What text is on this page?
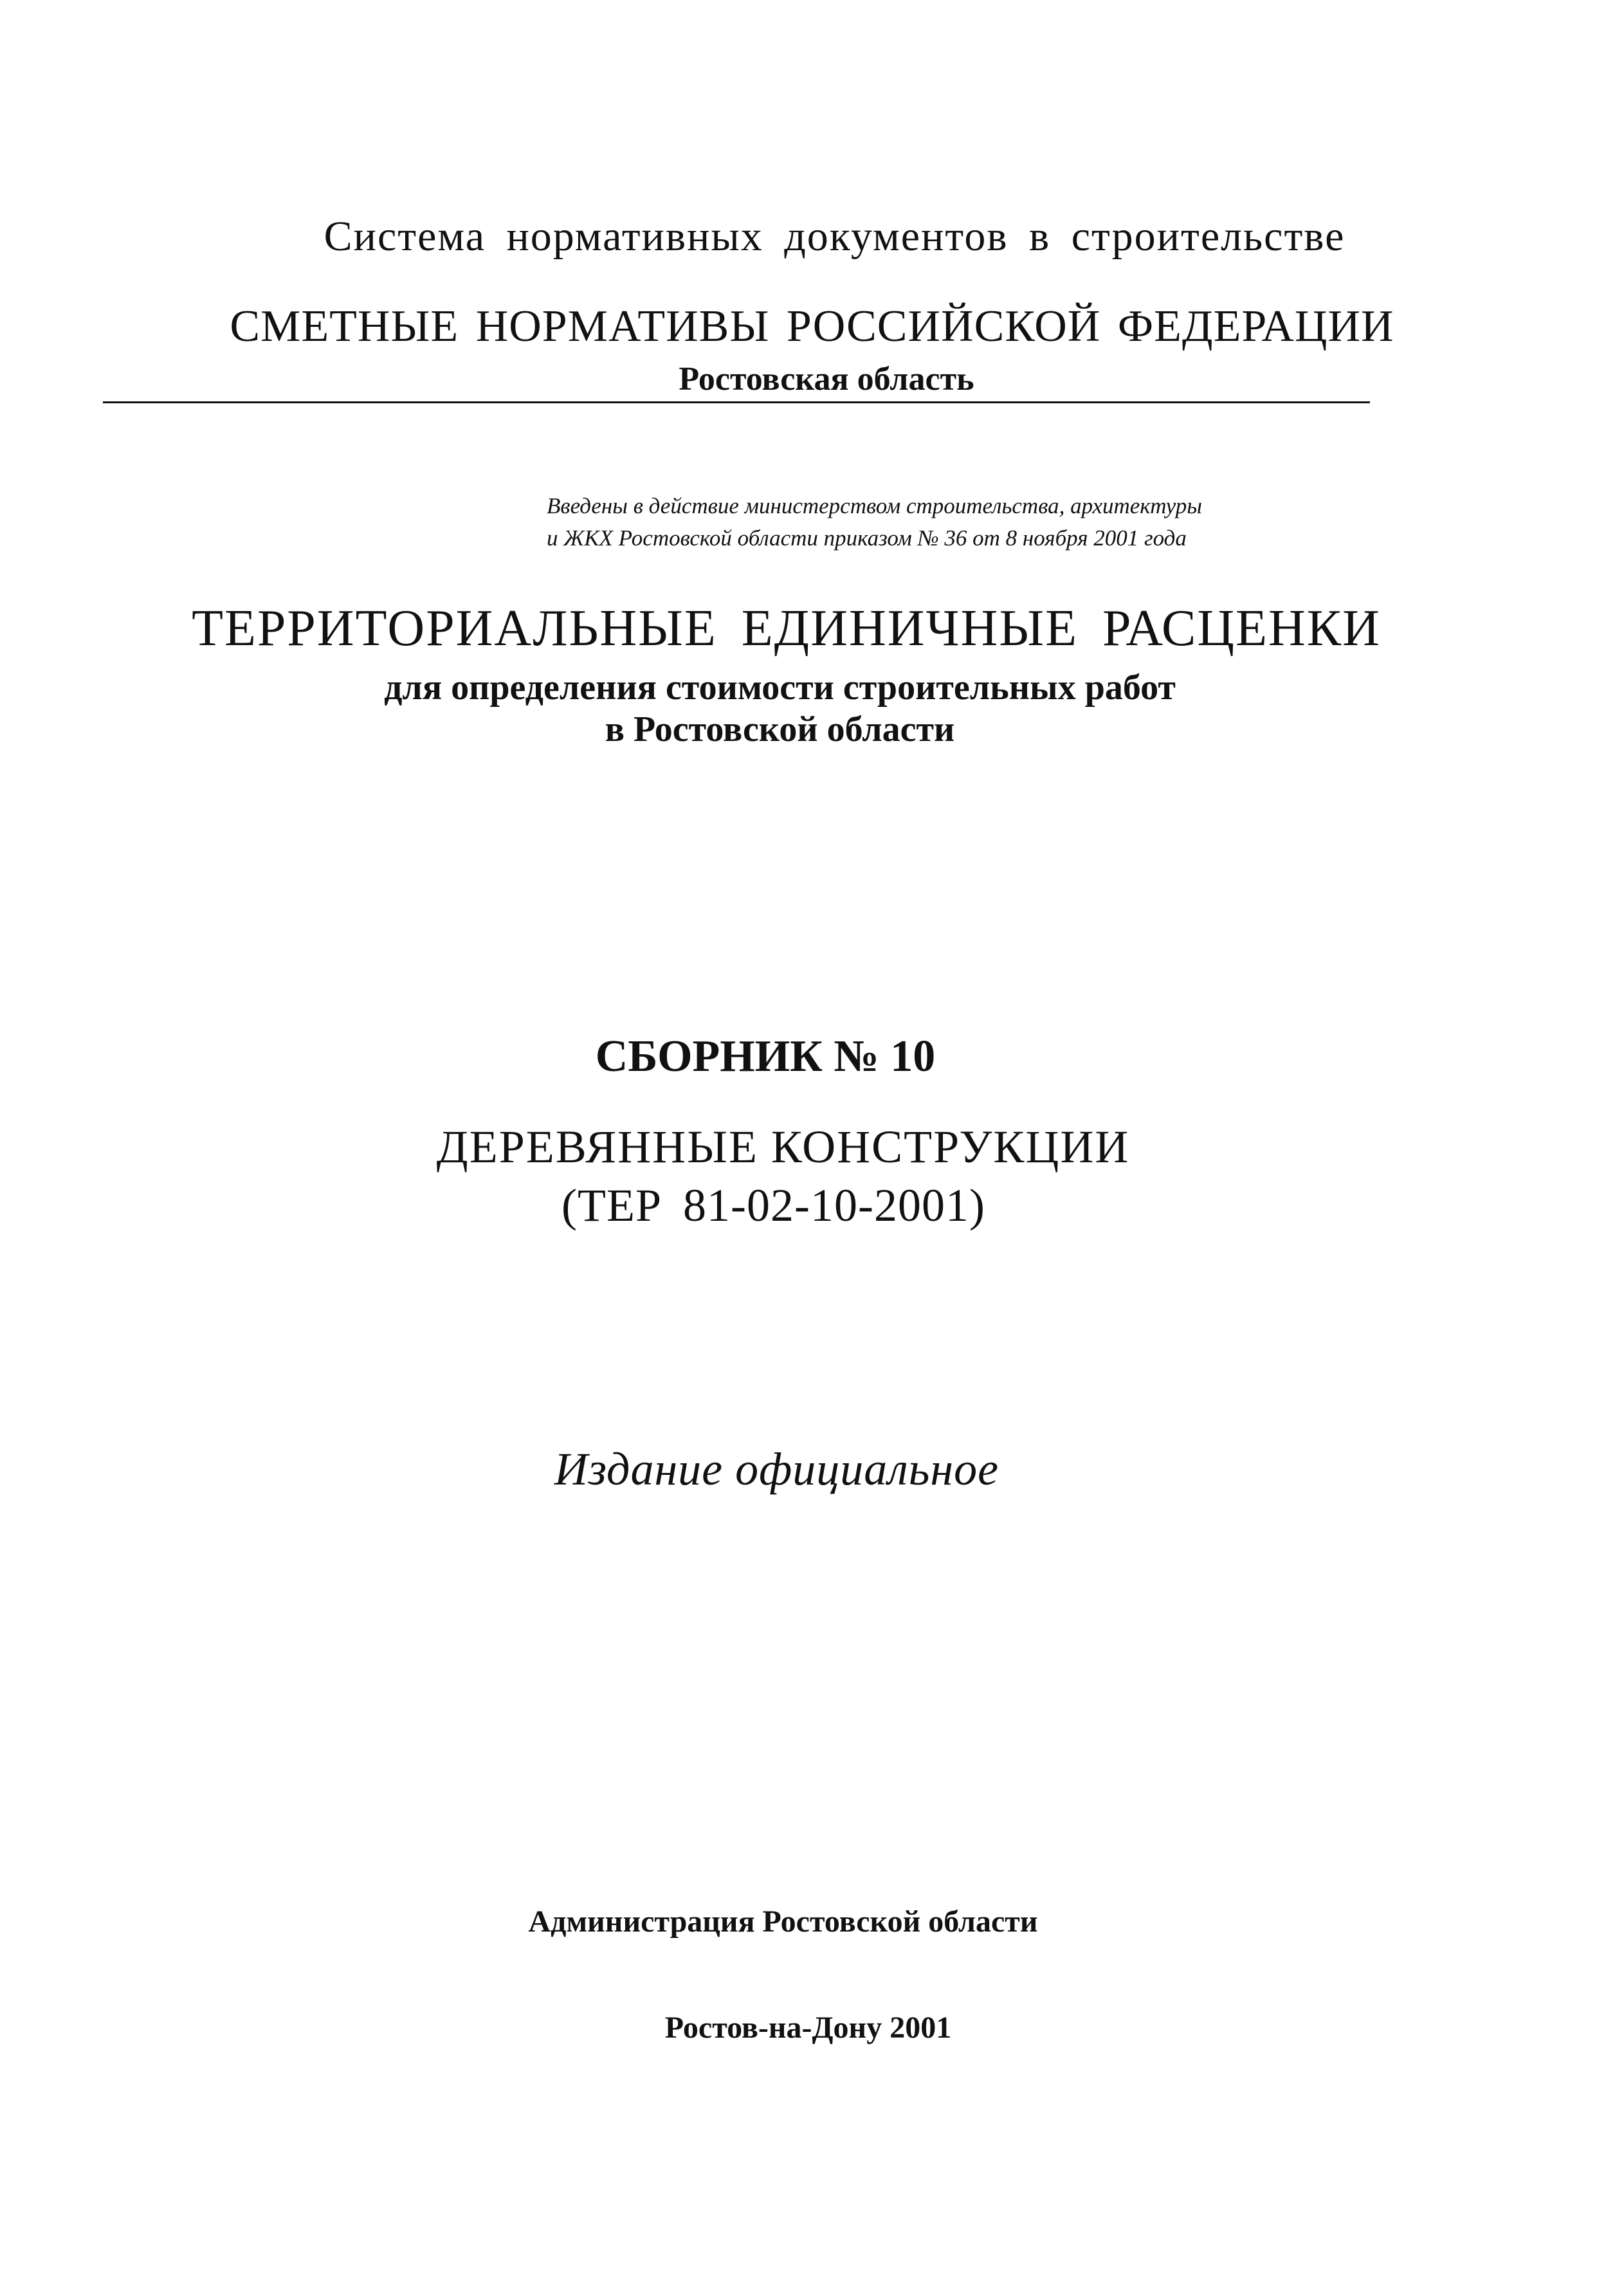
Система нормативных документов в строительстве

СМЕТНЫЕ НОРМАТИВЫ РОССИЙСКОЙ ФЕДЕРАЦИИ

Ростовская область

Введены в действие министерством строительства, архитектуры

и ЖКХ Ростовской области приказом № 36 от 8 ноября 2001 года

ТЕРРИТОРИАЛЬНЫЕ ЕДИНИЧНЫЕ РАСЦЕНКИ

для определения стоимости строительных работ

в Ростовской области

СБОРНИК № 10

ДЕРЕВЯННЫЕ КОНСТРУКЦИИ

(ТЕР 81-02-10-2001)

Издание официальное

Администрация Ростовской области

Ростов-на-Дону 2001
